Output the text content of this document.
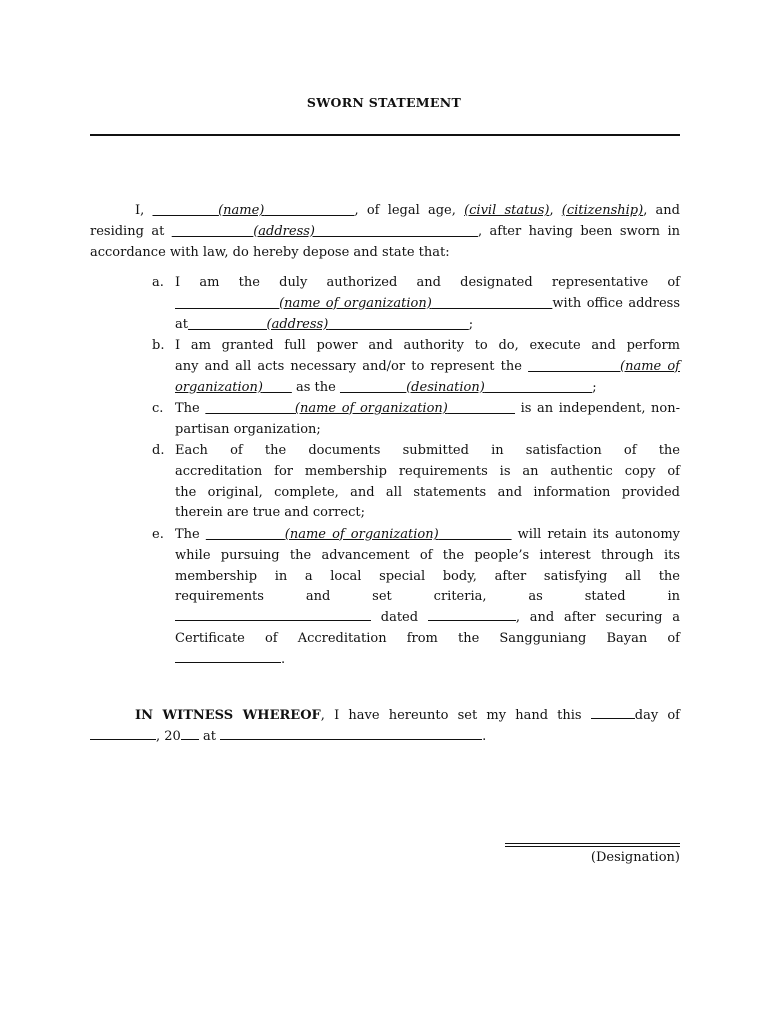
SWORN STATEMENT
I,	(name)	, of legal age, (civil status), (citizenship), and
residing at	(address)	, after having been sworn in
accordance with law, do hereby depose and state that:
a. I am the duly authorized and designated representative of
(name of organization)	with office address
at	(address)	;
b. I am granted full power and authority to do, execute and perform
any and all acts necessary and/or to represent the	(name of
organization)	as the	(desination)	;
c. The	(name of organization)	is an independent, non-
partisan organization;
d. Each of the documents submitted in satisfaction of the
accreditation for membership requirements is an authentic copy of
the original, complete, and all statements and information provided
therein are true and correct;
e. The	(name of organization)	will retain its autonomy
while pursuing the advancement of the people’s interest through its
membership in a local special body, after satisfying all the
requirements and set criteria, as stated in
dated	, and after securing a
Certificate of Accreditation from the Sangguniang Bayan of
.
IN WITNESS WHEREOF, I have hereunto set my hand this	day of
, 20 at	.
(Designation)
